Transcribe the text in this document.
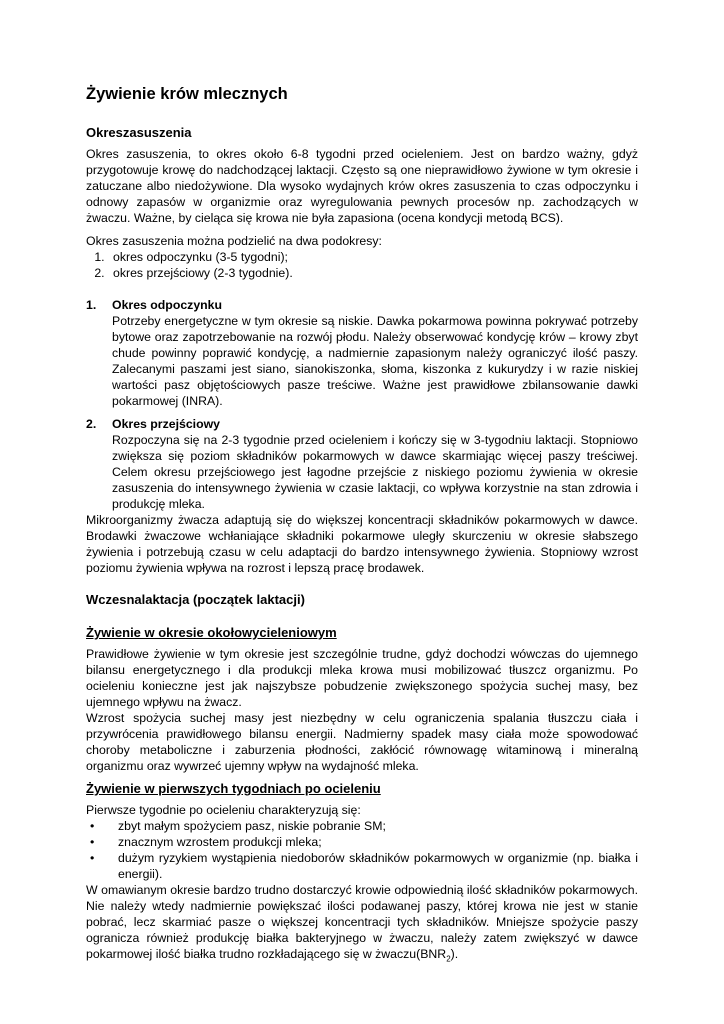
Żywienie krów mlecznych
Okreszasuszenia

Okres zasuszenia, to okres około 6-8 tygodni przed ocieleniem. Jest on bardzo ważny, gdyż przygotowuje krowę do nadchodzącej laktacji. Często są one nieprawidłowo żywione w tym okresie i zatuczane albo niedożywione. Dla wysoko wydajnych krów okres zasuszenia to czas odpoczynku i odnowy zapasów w organizmie oraz wyregulowania pewnych procesów np. zachodzących w żwaczu. Ważne, by cieląca się krowa nie była zapasiona (ocena kondycji metodą BCS).

Okres zasuszenia można podzielić na dwa podokresy:

1. okres odpoczynku (3-5 tygodni);
2. okres przejściowy (2-3 tygodnie).
1.	Okres odpoczynku

Potrzeby energetyczne w tym okresie są niskie. Dawka pokarmowa powinna pokrywać potrzeby bytowe oraz zapotrzebowanie na rozwój płodu. Należy obserwować kondycję krów – krowy zbyt chude powinny poprawić kondycję, a nadmiernie zapasionym należy ograniczyć ilość paszy. Zalecanymi paszami jest siano, sianokiszonka, słoma, kiszonka z kukurydzy i w razie niskiej wartości pasz objętościowych pasze treściwe. Ważne jest prawidłowe zbilansowanie dawki pokarmowej (INRA).

2.	Okres przejściowy

Rozpoczyna się na 2-3 tygodnie przed ocieleniem i kończy się w 3-tygodniu laktacji. Stopniowo zwiększa się poziom składników pokarmowych w dawce skarmiając więcej paszy treściwej. Celem okresu przejściowego jest łagodne przejście z niskiego poziomu żywienia w okresie zasuszenia do intensywnego żywienia w czasie laktacji, co wpływa korzystnie na stan zdrowia i produkcję mleka.

Mikroorganizmy żwacza adaptują się do większej koncentracji składników pokarmowych w dawce. Brodawki żwaczowe wchłaniające składniki pokarmowe uległy skurczeniu w okresie słabszego żywienia i potrzebują czasu w celu adaptacji do bardzo intensywnego żywienia. Stopniowy wzrost poziomu żywienia wpływa na rozrost i lepszą pracę brodawek.

Wczesnalaktacja (początek laktacji)
Żywienie w okresie okołowycieleniowym

Prawidłowe żywienie w tym okresie jest szczególnie trudne, gdyż dochodzi wówczas do ujemnego bilansu energetycznego i dla produkcji mleka krowa musi mobilizować tłuszcz organizmu. Po ocieleniu konieczne jest jak najszybsze pobudzenie zwiększonego spożycia suchej masy, bez ujemnego wpływu na żwacz.

Wzrost spożycia suchej masy jest niezbędny w celu ograniczenia spalania tłuszczu ciała i przywrócenia prawidłowego bilansu energii. Nadmierny spadek masy ciała może spowodować choroby metaboliczne i zaburzenia płodności, zakłócić równowagę witaminową i mineralną organizmu oraz wywrzeć ujemny wpływ na wydajność mleka.

Żywienie w pierwszych tygodniach po ocieleniu

Pierwsze tygodnie po ocieleniu charakteryzują się:

•	zbyt małym spożyciem pasz, niskie pobranie SM;
•	znacznym wzrostem produkcji mleka;
•	dużym ryzykiem wystąpienia niedoborów składników pokarmowych w organizmie (np. białka i energii).

W omawianym okresie bardzo trudno dostarczyć krowie odpowiednią ilość składników pokarmowych. Nie należy wtedy nadmiernie powiększać ilości podawanej paszy, której krowa nie jest w stanie pobrać, lecz skarmiać pasze o większej koncentracji tych składników. Mniejsze spożycie paszy ogranicza również produkcję białka bakteryjnego w żwaczu, należy zatem zwiększyć w dawce pokarmowej ilość białka trudno rozkładającego się w $żwaczu(BNR_2)$.
